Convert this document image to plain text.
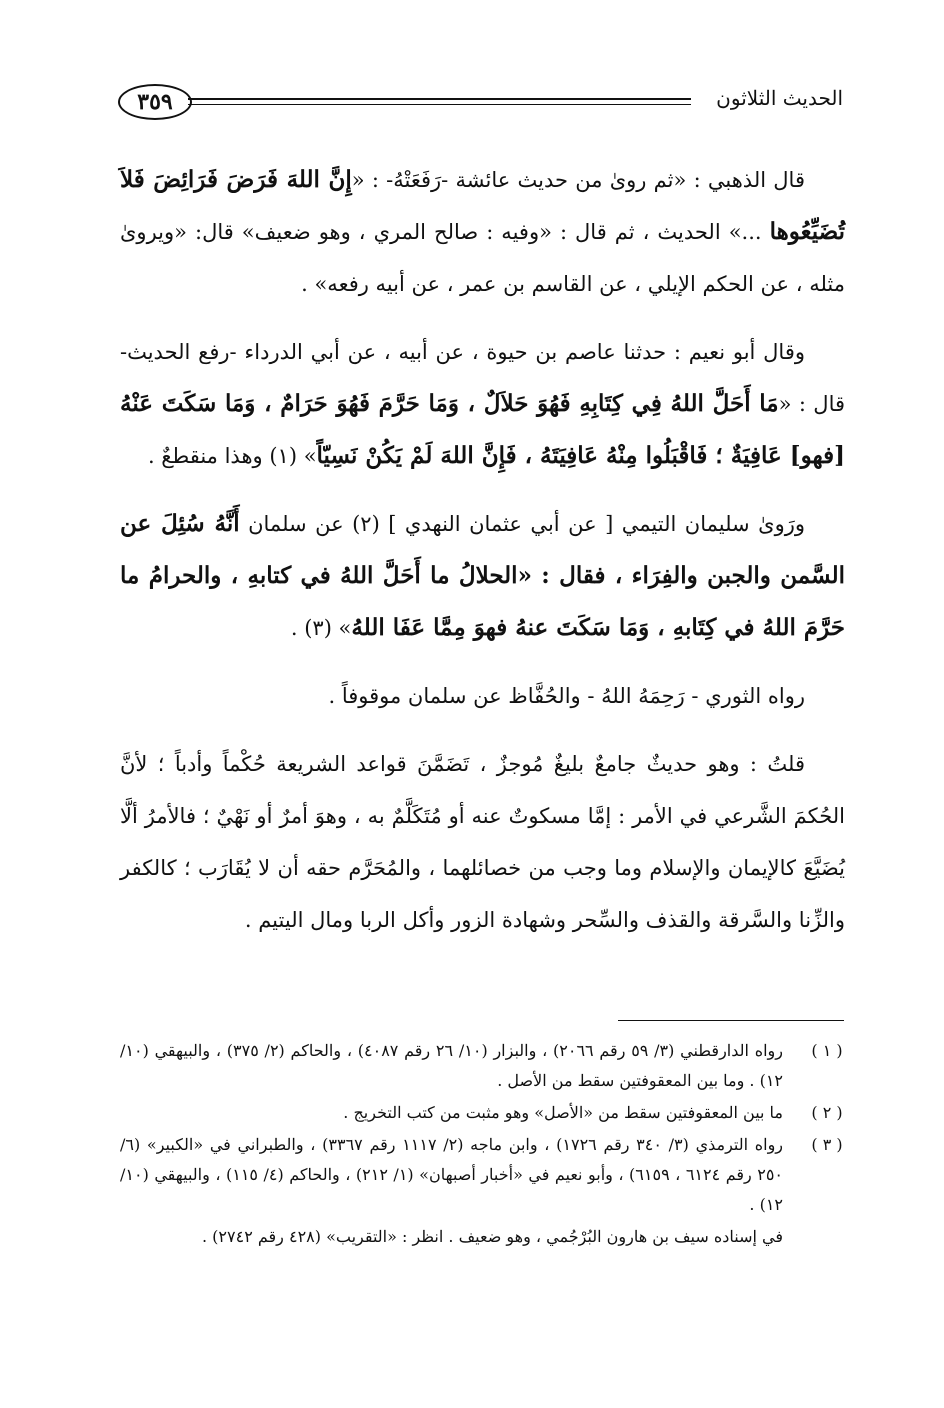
٣٥٩	الحديث الثلاثون

قال الذهبي : «ثم روىٰ من حديث عائشة -رَفَعَتْهُ- : «إِنَّ اللهَ فَرَضَ فَرَائِضَ فَلاَ تُضَيِّعُوها ...» الحديث ، ثم قال : «وفيه : صالح المري ، وهو ضعيف» قال: «ويروىٰ مثله ، عن الحكم الإيلي ، عن القاسم بن عمر ، عن أبيه رفعه» .

وقال أبو نعيم : حدثنا عاصم بن حيوة ، عن أبيه ، عن أبي الدرداء -رفع الحديث- قال : «مَا أَحَلَّ اللهُ فِي كِتَابِهِ فَهُوَ حَلاَلٌ ، وَمَا حَرَّمَ فَهُوَ حَرَامٌ ، وَمَا سَكَتَ عَنْهُ [فهو] عَافِيَةٌ ؛ فَاقْبَلُوا مِنْهُ عَافِيَتَهُ ، فَإِنَّ اللهَ لَمْ يَكُنْ نَسِيّاً» (١) وهذا منقطعٌ .

ورَوىٰ سليمان التيمي [ عن أبي عثمان النهدي ] (٢) عن سلمان أَنَّهُ سُئِلَ عن السَّمن والجبن والفِرَاء ، فقال : «الحلالُ ما أَحَلَّ اللهُ في كتابهِ ، والحرامُ ما حَرَّمَ اللهُ في كِتَابهِ ، وَمَا سَكَتَ عنهُ فهوَ مِمَّا عَفَا اللهُ» (٣) .

رواه الثوري - رَحِمَهُ اللهُ - والحُفَّاظ عن سلمان موقوفاً .

قلتُ : وهو حديثٌ جامعٌ بليغٌ مُوجزٌ ، تَضَمَّنَ قواعد الشريعة حُكْماً وأدباً ؛ لأنَّ الحُكمَ الشَّرعي في الأمر : إمَّا مسكوتٌ عنه أو مُتَكَلَّمٌ به ، وهوَ أمرٌ أو نَهْيٌ ؛ فالأمرُ ألَّا يُضَيَّعَ كالإيمان والإسلام وما وجب من خصائلهما ، والمُحَرَّم حقه أن لا يُقَارَب ؛ كالكفر والزِّنا والسَّرقة والقذف والسِّحر وشهادة الزور وأكل الربا ومال اليتيم .

( ١ )
رواه الدارقطني (٣/ ٥٩ رقم ٢٠٦٦) ، والبزار (١٠/ ٢٦ رقم ٤٠٨٧) ، والحاكم (٢/ ٣٧٥) ، والبيهقي (١٠/ ١٢) . وما بين المعقوفتين سقط من الأصل .
( ٢ )
ما بين المعقوفتين سقط من «الأصل» وهو مثبت من كتب التخريج .
( ٣ )
رواه الترمذي (٣/ ٣٤٠ رقم ١٧٢٦) ، وابن ماجه (٢/ ١١١٧ رقم ٣٣٦٧) ، والطبراني في «الكبير» (٦/ ٢٥٠ رقم ٦١٢٤ ، ٦١٥٩) ، وأبو نعيم في «أخبار أصبهان» (١/ ٢١٢) ، والحاكم (٤/ ١١٥) ، والبيهقي (١٠/ ١٢) .
في إسناده سيف بن هارون البُرْجُمي ، وهو ضعيف . انظر : «التقريب» (٤٢٨ رقم ٢٧٤٢) .
